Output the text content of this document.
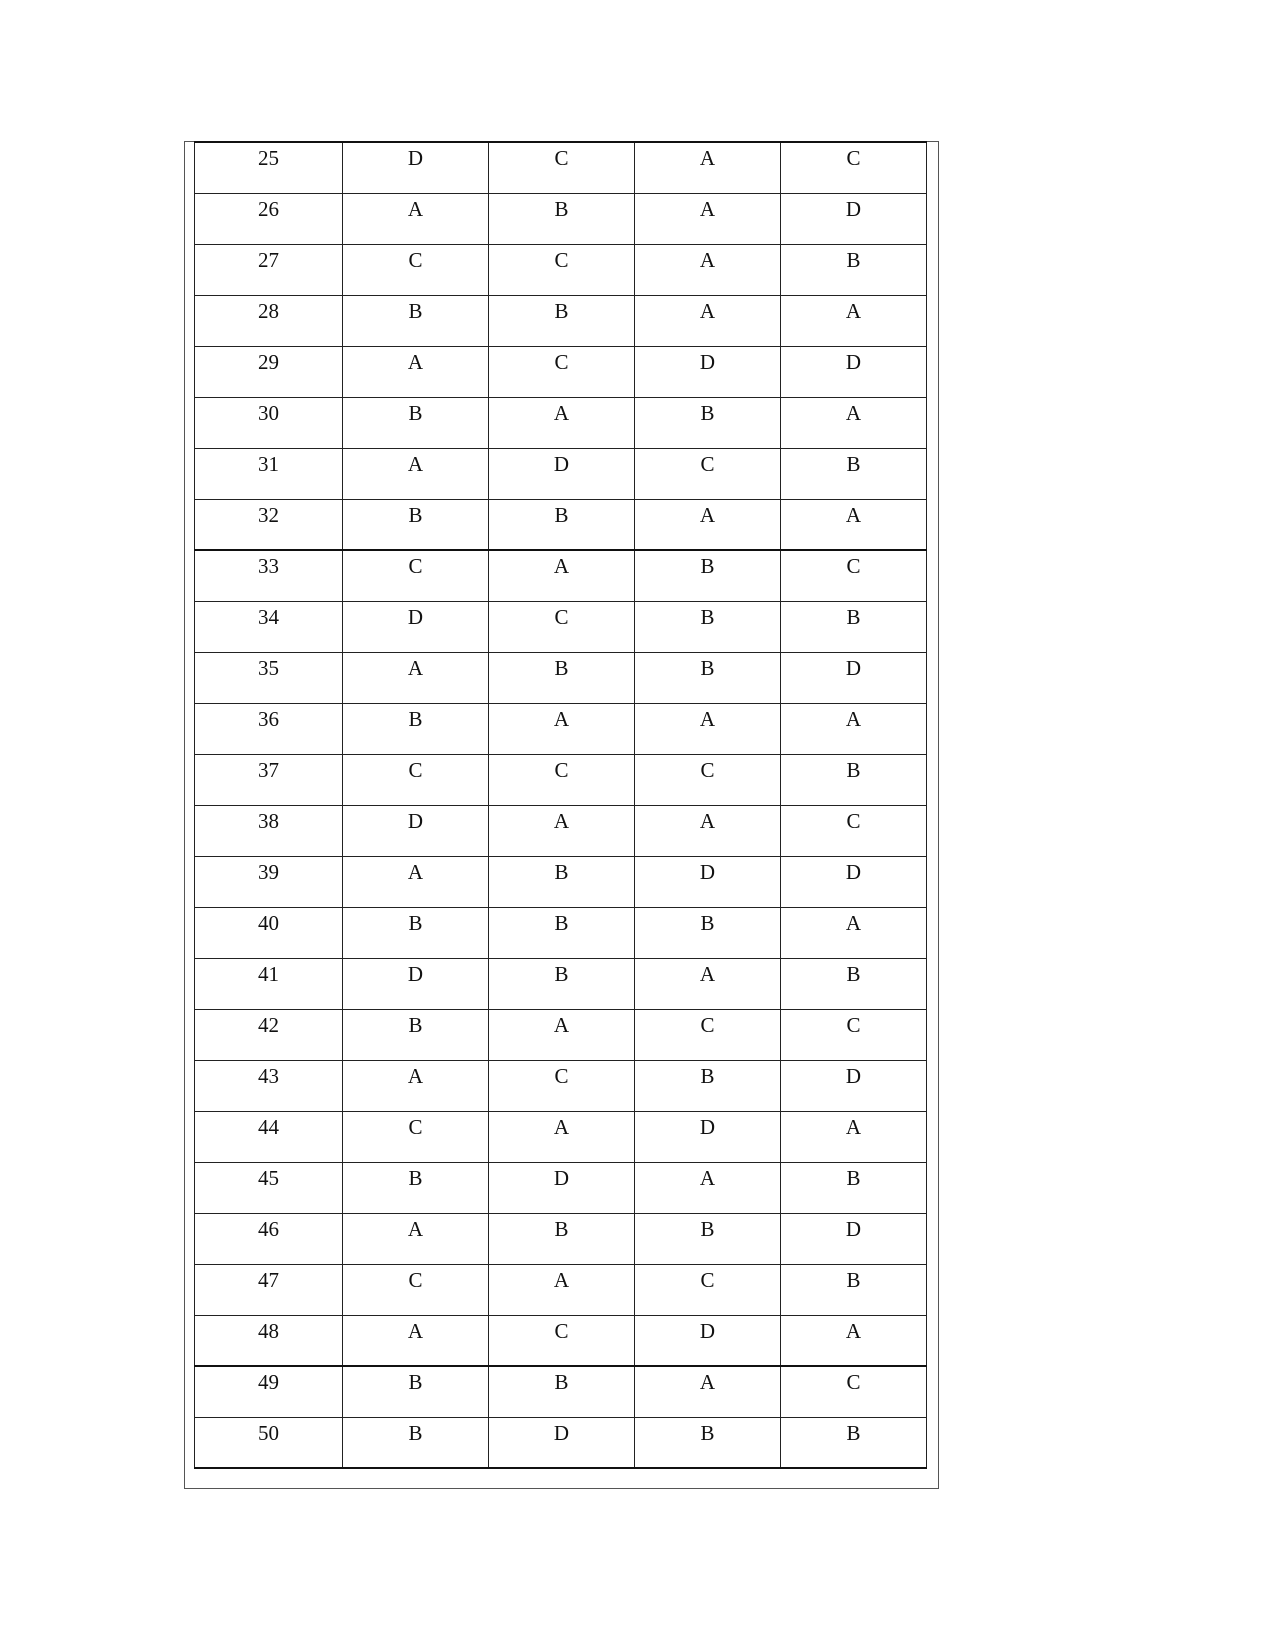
25	D	C	A	C
26	A	B	A	D
27	C	C	A	B
28	B	B	A	A
29	A	C	D	D
30	B	A	B	A
31	A	D	C	B
32	B	B	A	A
33	C	A	B	C
34	D	C	B	B
35	A	B	B	D
36	B	A	A	A
37	C	C	C	B
38	D	A	A	C
39	A	B	D	D
40	B	B	B	A
41	D	B	A	B
42	B	A	C	C
43	A	C	B	D
44	C	A	D	A
45	B	D	A	B
46	A	B	B	D
47	C	A	C	B
48	A	C	D	A
49	B	B	A	C
50	B	D	B	B
